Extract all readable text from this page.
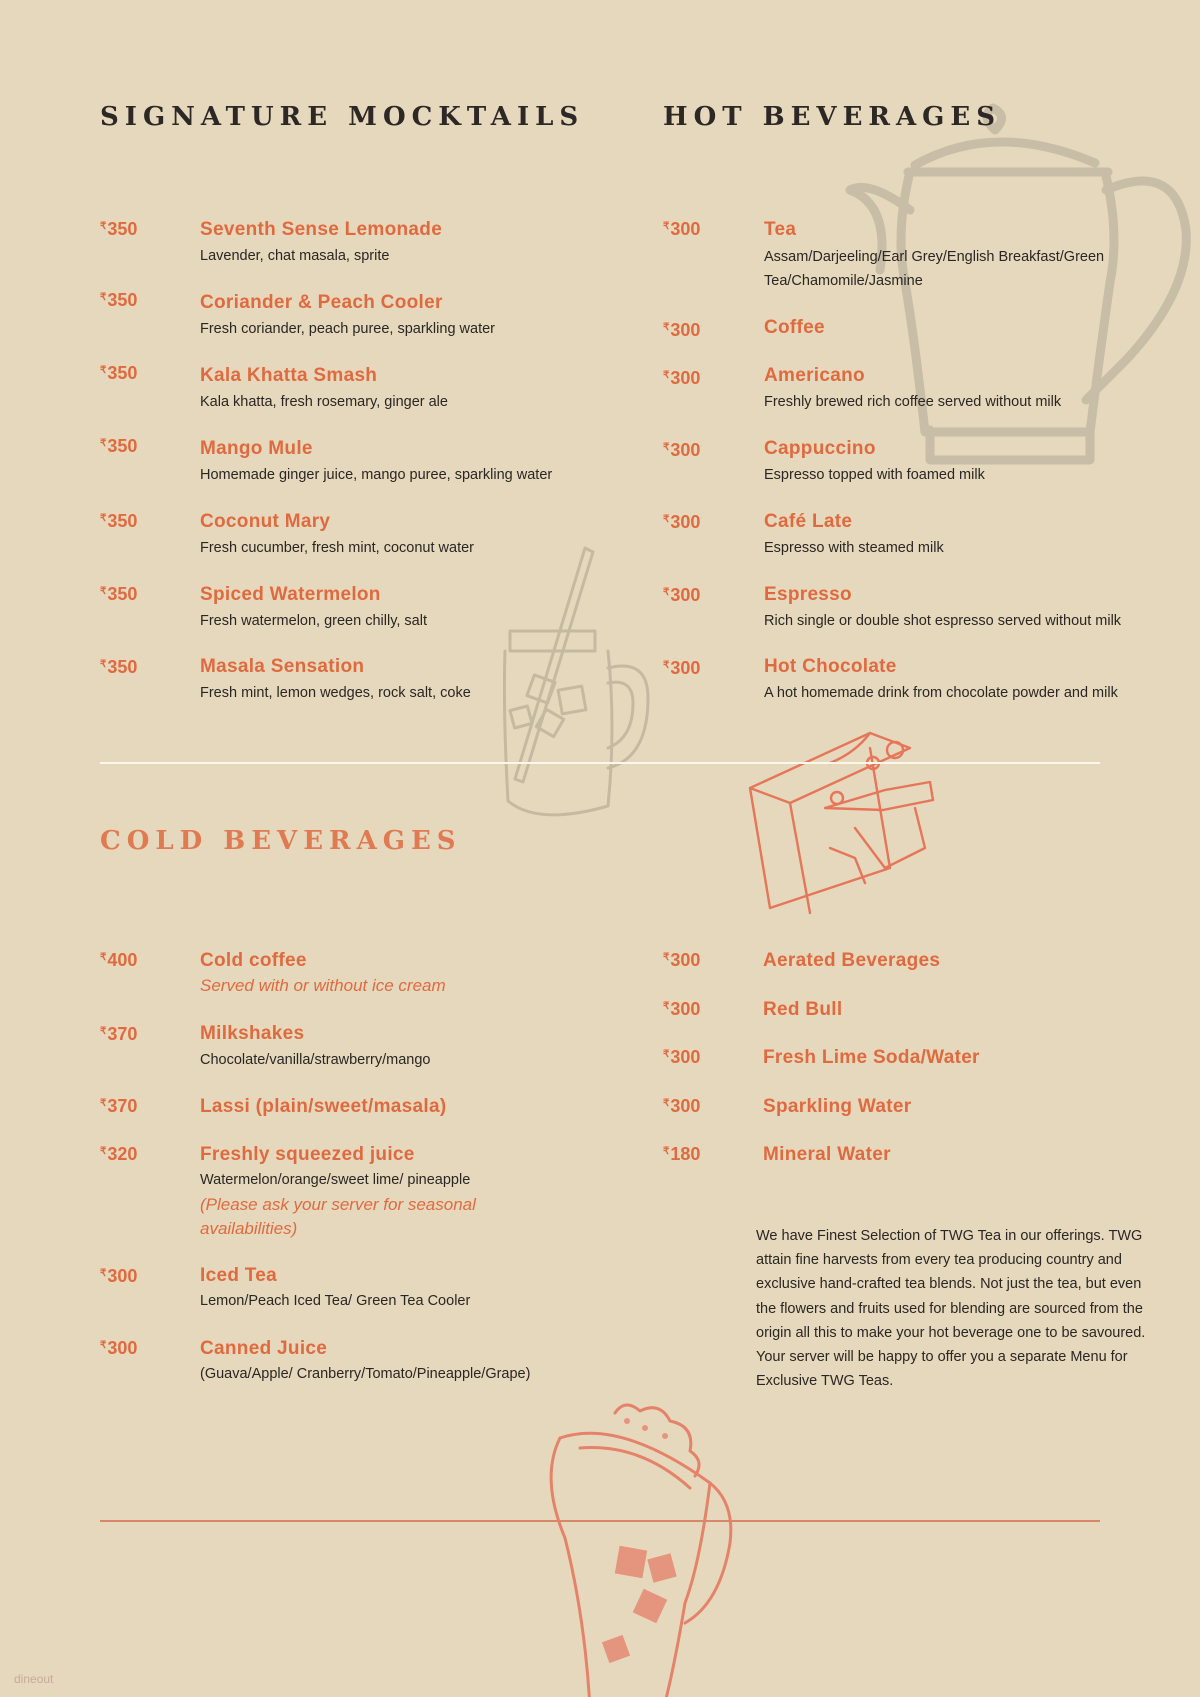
SIGNATURE MOCKTAILS	HOT BEVERAGES
COLD BEVERAGES
₹350	Seventh Sense Lemonade
Lavender, chat masala, sprite
₹350	Coriander & Peach Cooler
Fresh coriander, peach puree, sparkling water
₹350	Kala Khatta Smash
Kala khatta, fresh rosemary, ginger ale
₹350	Mango Mule
Homemade ginger juice, mango puree, sparkling water
₹350	Coconut Mary
Fresh cucumber, fresh mint, coconut water
₹350	Spiced Watermelon
Fresh watermelon, green chilly, salt
₹350	Masala Sensation
Fresh mint, lemon wedges, rock salt, coke
₹300	Tea
Assam/Darjeeling/Earl Grey/English Breakfast/Green Tea/Chamomile/Jasmine
₹300	Coffee
₹300	Americano
Freshly brewed rich coffee served without milk
₹300	Cappuccino
Espresso topped with foamed milk
₹300	Café Late
Espresso with steamed milk
₹300	Espresso
Rich single or double shot espresso served without milk
₹300	Hot Chocolate
A hot homemade drink from chocolate powder and milk
₹400	Cold coffee
Served with or without ice cream
₹370	Milkshakes
Chocolate/vanilla/strawberry/mango
₹370	Lassi (plain/sweet/masala)
₹320	Freshly squeezed juice
Watermelon/orange/sweet lime/ pineapple
(Please ask your server for seasonal availabilities)
₹300	Iced Tea
Lemon/Peach Iced Tea/ Green Tea Cooler
₹300	Canned Juice
(Guava/Apple/ Cranberry/Tomato/Pineapple/Grape)
₹300	Aerated Beverages
₹300	Red Bull
₹300	Fresh Lime Soda/Water
₹300	Sparkling Water
₹180	Mineral Water

We have Finest Selection of TWG Tea in our offerings. TWG attain fine harvests from every tea producing country and exclusive hand-crafted tea blends. Not just the tea, but even the flowers and fruits used for blending are sourced from the origin all this to make your hot beverage one to be savoured. Your server will be happy to offer you a separate Menu for Exclusive TWG Teas.

dineout
